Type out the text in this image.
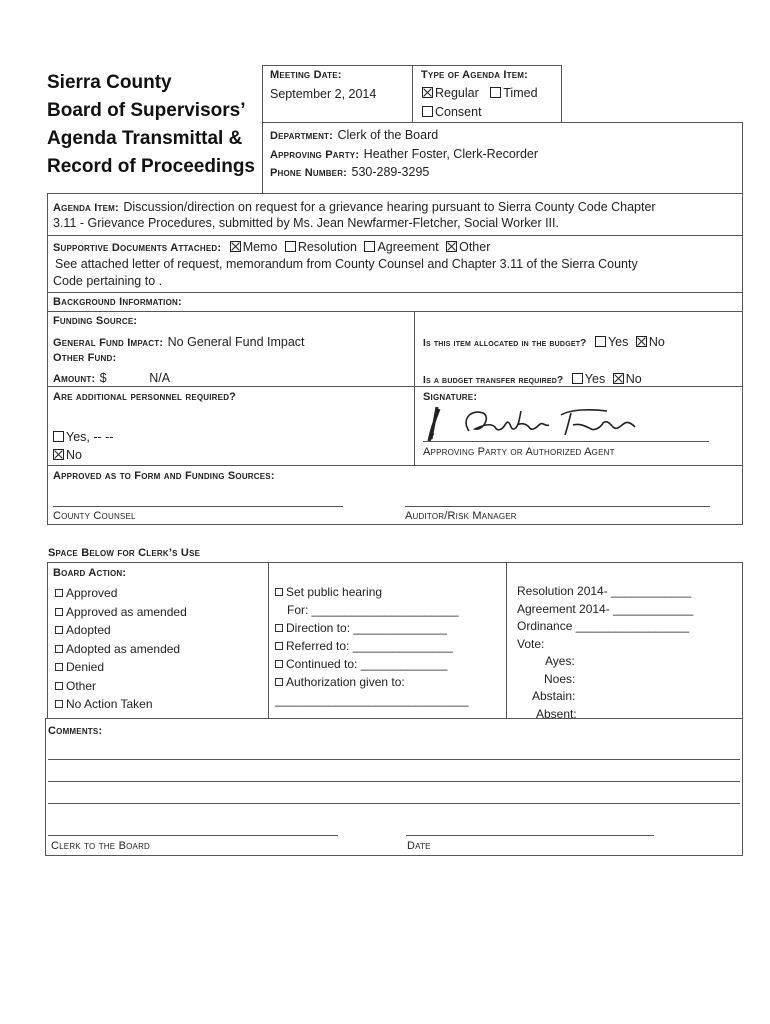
Sierra County
Board of Supervisors’
Agenda Transmittal &
Record of Proceedings
Meeting Date:
September 2, 2014
Type of Agenda Item:
Regular Timed
Consent
Department: Clerk of the Board
Approving Party: Heather Foster, Clerk-Recorder
Phone Number: 530-289-3295
Agenda Item: Discussion/direction on request for a grievance hearing pursuant to Sierra County Code Chapter
3.11 - Grievance Procedures, submitted by Ms. Jean Newfarmer-Fletcher, Social Worker III.
Supportive Documents Attached: Memo Resolution Agreement Other
See attached letter of request, memorandum from County Counsel and Chapter 3.11 of the Sierra County
Code pertaining to .
Background Information:
Funding Source:
General Fund Impact: No General Fund Impact
Other Fund:
Amount: $	N/A
Is this item allocated in the budget? Yes No
Is a budget transfer required? Yes No
Are additional personnel required?
Yes, -- --
No
Signature:
Approving Party or Authorized Agent
Approved as to Form and Funding Sources:
County Counsel	Auditor/Risk Manager
Space Below for Clerk’s Use
Board Action:
Approved
Approved as amended
Adopted
Adopted as amended
Denied
Other
No Action Taken
Set public hearing
For: ______________________
Direction to: ______________
Referred to: _______________
Continued to: _____________
Authorization given to:
_____________________________
Resolution 2014- ____________
Agreement 2014- ____________
Ordinance _________________
Vote:
Ayes:
Noes:
Abstain:
Absent:
Comments:
Clerk to the Board	Date
